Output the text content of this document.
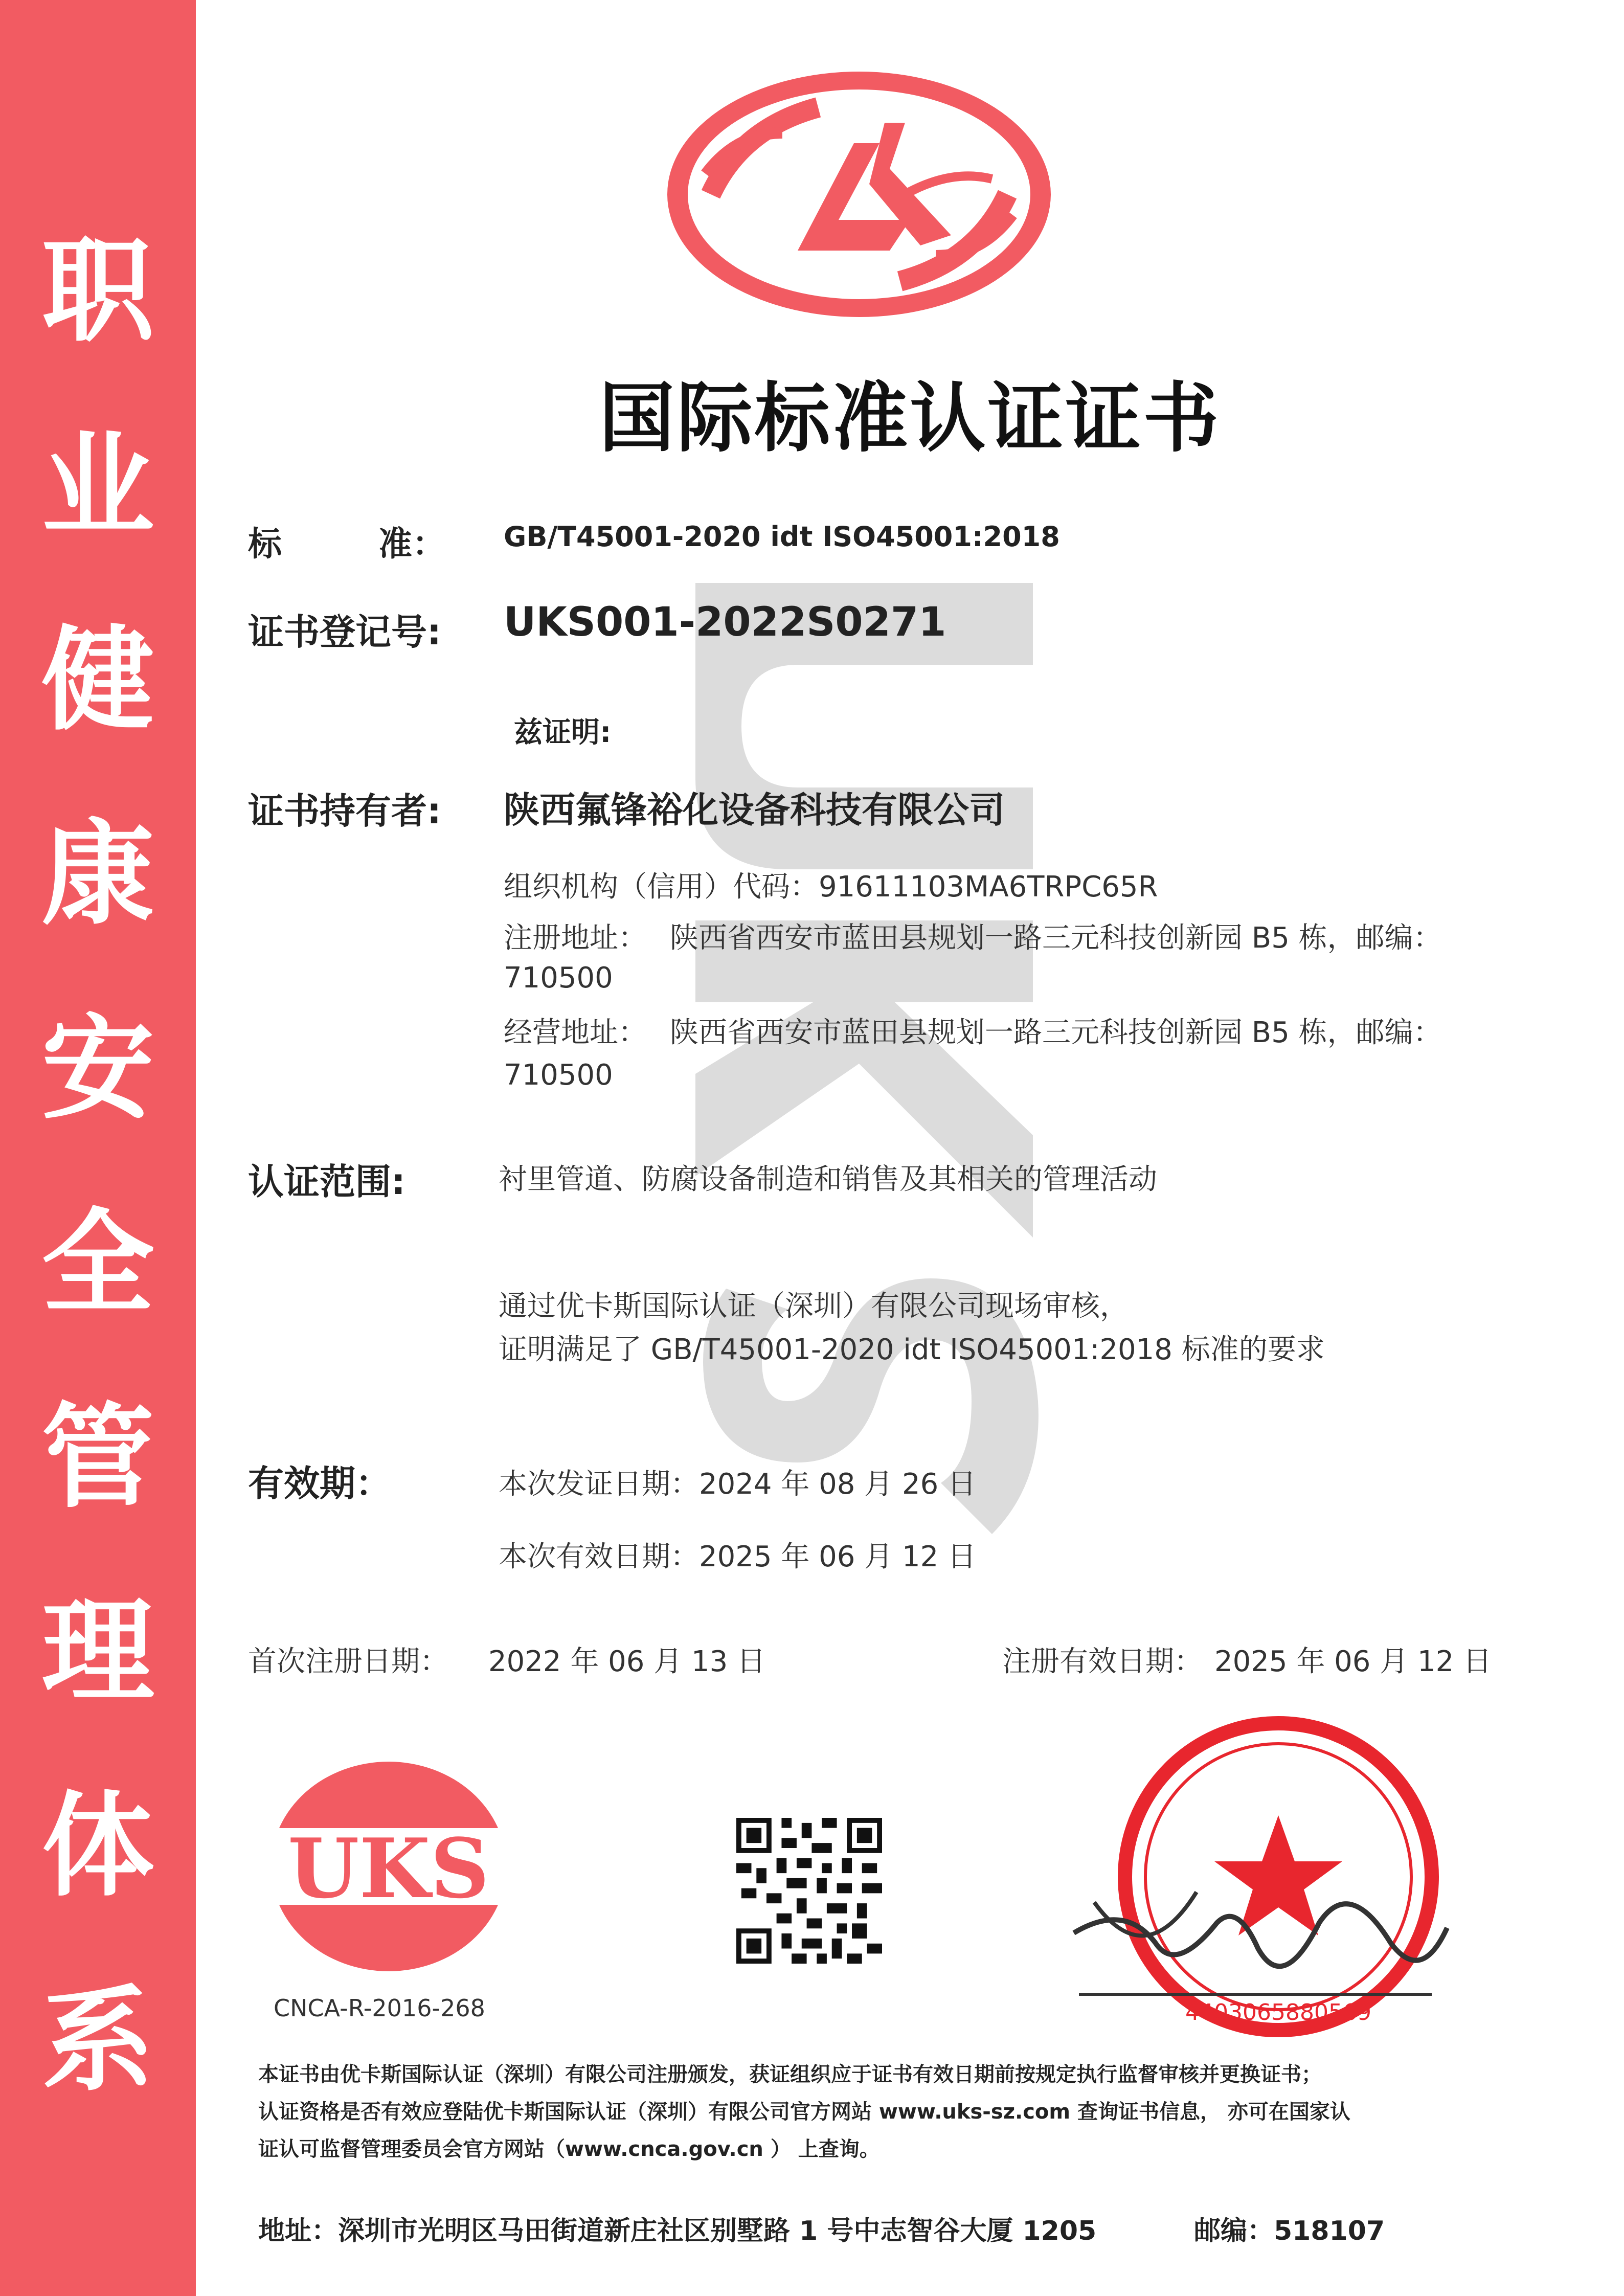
职
业
健
康
安
全
管
理
体
系
国际标准认证证书
标	准： GB/T45001-2020 idt ISO45001:2018
证书登记号: UKS001-2022S0271
兹证明:
证书持有者: 陕西氟锋裕化设备科技有限公司
组织机构（信用）代码：91611103MA6TRPC65R
注册地址： 陕西省西安市蓝田县规划一路三元科技创新园 B5 栋，邮编：
710500
经营地址： 陕西省西安市蓝田县规划一路三元科技创新园 B5 栋，邮编：
710500
认证范围:	衬里管道、防腐设备制造和销售及其相关的管理活动
通过优卡斯国际认证（深圳）有限公司现场审核，
证明满足了 GB/T45001-2020 idt ISO45001:2018 标准的要求
有效期：	本次发证日期：2024 年 08 月 26 日
本次有效日期：2025 年 06 月 12 日
首次注册日期： 2022 年 06 月 13 日	注册有效日期： 2025 年 06 月 12 日
UKS
CNCA-R-2016-268	4403065880569
本证书由优卡斯国际认证（深圳）有限公司注册颁发，获证组织应于证书有效日期前按规定执行监督审核并更换证书；
认证资格是否有效应登陆优卡斯国际认证（深圳）有限公司官方网站 www.uks-sz.com 查询证书信息， 亦可在国家认
证认可监督管理委员会官方网站（www.cnca.gov.cn ） 上查询。
地址：深圳市光明区马田街道新庄社区别墅路 1 号中志智谷大厦 1205	邮编：518107
